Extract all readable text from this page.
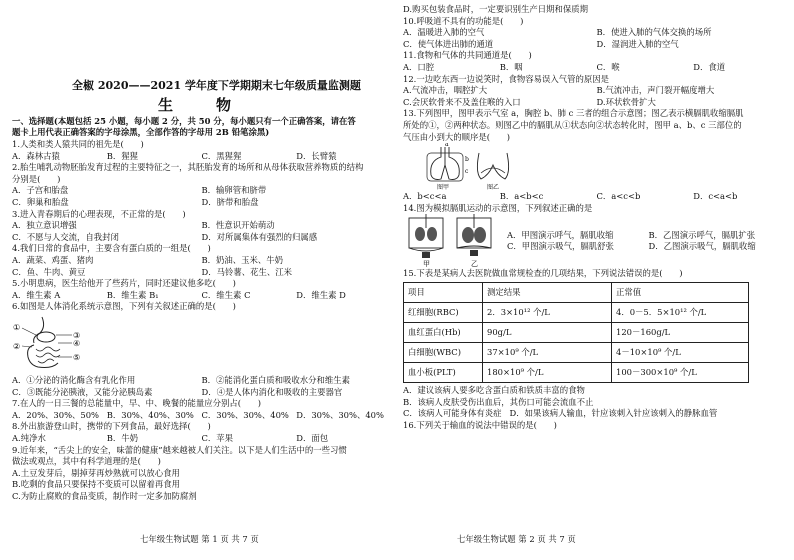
全椒 2020——2021 学年度下学期期末七年级质量监测题
生　物
一、选择题(本题包括 25 小题，每小题 2 分，共 50 分，每小题只有一个正确答案，请在答
题卡上用代表正确答案的字母涂黑，全部作答的字母用 2B 铅笔涂黑)
1.人类和类人猿共同的祖先是(　　)
A．森林古猿	B．猩猩	C．黑猩猩	D．长臂猿
2.胎生哺乳动物胚胎发育过程的主要特征之一，其胚胎发育的场所和从母体获取营养物质的结构
分别是(　　)
A．子宫和胎盘	B．输卵管和脐带
C．卵巢和胎盘	D．脐带和胎盘
3.进入青春期后的心理表现，不正常的是(　　)
A．独立意识增强	B．性意识开始萌动
C．不愿与人交流，自我封闭	D．对所属集体有强烈的归属感
4.我们日常的食品中，主要含有蛋白质的一组是(　　)
A．蔬菜、鸡蛋、猪肉	B．奶油、玉米、牛奶
C．鱼、牛肉、黄豆	D．马铃薯、花生、江米
5.小明患病，医生给他开了些药片，同时还建议他多吃(　　)
A．维生素 A	B．维生素 B₁	C．维生素 C	D．维生素 D
6.如图是人体消化系统示意图，下列有关叙述正确的是(　　)
①
②
③
④
⑤
A．①分泌的消化酶含有乳化作用	B．②能消化蛋白质和吸收水分和维生素
C．③既能分泌胰液，又能分泌胰岛素	D．④是人体内消化和吸收的主要器官
7.在人的一日三餐的总能量中，早、中、晚餐的能量应分别占(　　)
A．20%、30%、50% B．30%、40%、30% C．30%、30%、40% D．30%、30%、40%
8.外出旅游登山时，携带的下列食品，最好选择(　　)
A.纯净水	B．牛奶	C．苹果	D．面包
9.近年来，“舌尖上的安全，味蕾的健康”越来越被人们关注。以下是人们生活中的一些习惯
做法或观点，其中有科学道理的是(　　)
A.土豆发芽后，剔掉芽再炒熟就可以放心食用
B.吃剩的食品只要保持不变质可以留着再食用
C.为防止腐败的食品变质，制作时一定多加防腐剂
七年级生物试题 第 1 页 共 7 页
D.购买包装食品时，一定要识别生产日期和保质期
10.呼吸道不具有的功能是(　　)
A．温暖进入肺的空气	B．使进入肺的气体交换的场所
C．使气体进出肺的通道	D．湿润进入肺的空气
11.食物和气体的共同通道是(　　)
A．口腔	B．咽	C．喉	D．食道
12.一边吃东西一边说笑时，食物容易误入气管的原因是
A.气流冲击，咽腔扩大	B.气流冲击，声门裂开幅度增大
C.会厌软骨来不及盖住喉的入口	D.环状软骨扩大
13.下列图甲，图甲表示气室 a，胸腔 b、肺 c 三者的组合示意图；图乙表示横膈肌收缩膈肌
所处的①，②两种状态。则图乙中的膈肌从①状态向②状态转化时，图甲 a、b、c 三部位的
气压由小到大的顺序是(　　)
a
b
c
图甲	图乙
A．b<c<a	B．a<b<c	C．a<c<b	D．c<a<b
14.图为模拟膈肌运动的示意图，下列叙述正确的是
甲	乙
A．甲图演示呼气，膈肌收缩	B．乙图演示呼气，膈肌扩张
C．甲图演示吸气，膈肌舒张	D．乙图演示吸气，膈肌收缩
15.下表是某病人去医院做血常规检查的几项结果，下列说法错误的是(　　)
项目	测定结果	正常值
红细胞(RBC)	2．3×10¹² 个/L	4．0－5．5×10¹² 个/L
血红蛋白(Hb)	90g/L	120－160g/L
白细胞(WBC)	37×10⁹ 个/L	4－10×10⁹ 个/L
血小板(PLT)	180×10⁹ 个/L	100－300×10⁹ 个/L
A．建议该病人要多吃含蛋白质和铁质丰富的食物
B．该病人皮肤受伤出血后，其伤口可能会流血不止
C．该病人可能身体有炎症 D．如果该病人输血，针应该刺入针应该刺入的静脉血管
16.下列关于输血的说法中错误的是(　　)
七年级生物试题 第 2 页 共 7 页
